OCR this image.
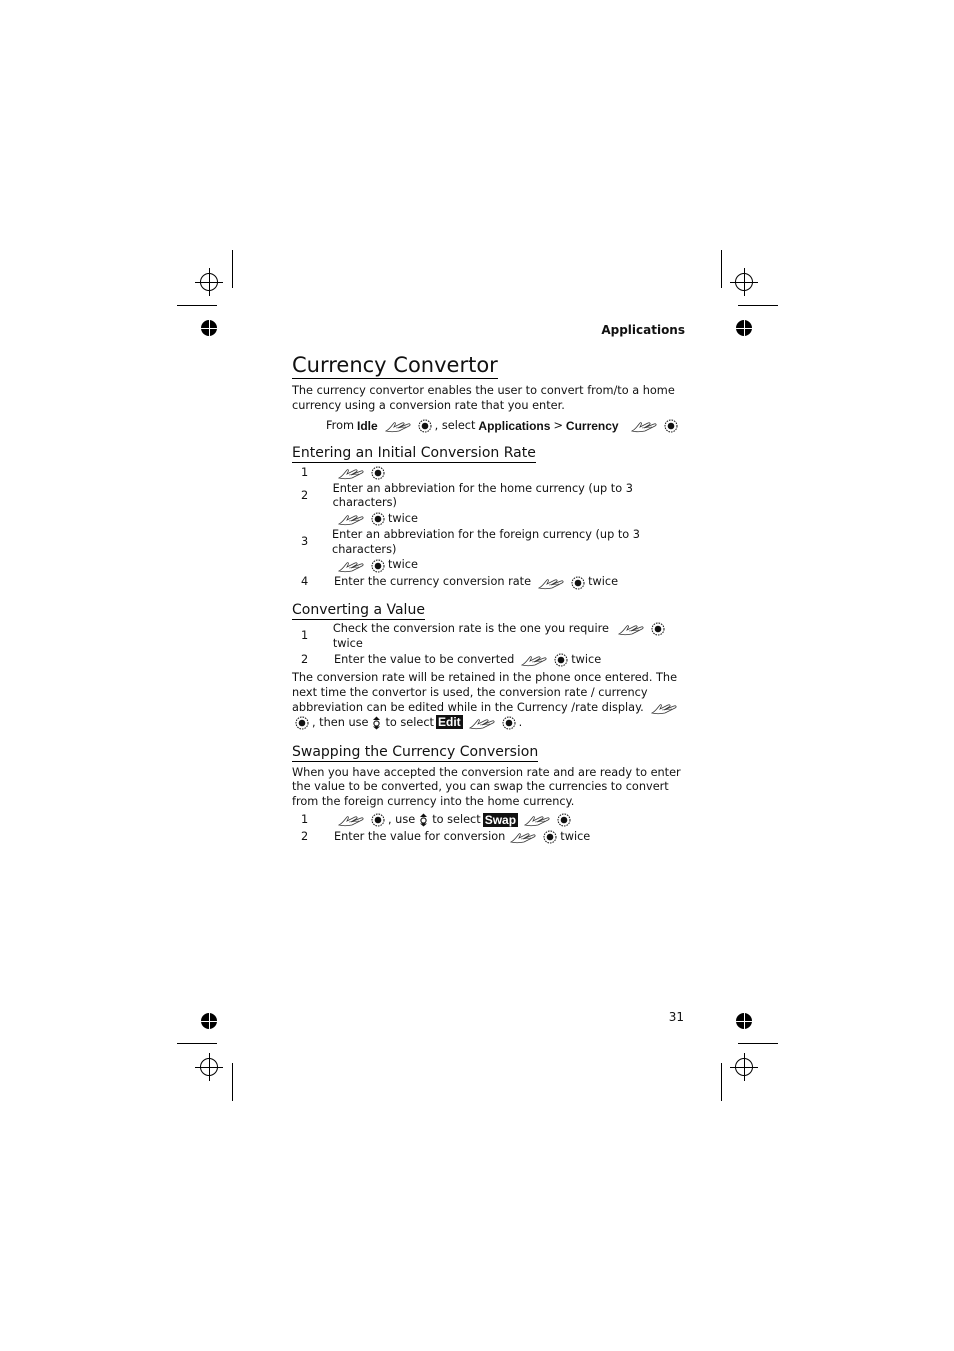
Applications
31
Currency Convertor

The currency convertor enables the user to convert from/to a home currency using a conversion rate that you enter.

From Idle	, select Applications > Currency
Entering an Initial Conversion Rate
1
2
Enter an abbreviation for the home currency (up to 3 characters)
twice
3
Enter an abbreviation for the foreign currency (up to 3 characters)
twice
4	Enter the currency conversion rate	twice
Converting a Value
1
Check the conversion rate is the one you require
twice
2	Enter the value to be converted	twice

The conversion rate will be retained in the phone once entered. The next time the convertor is used, the conversion rate / currency abbreviation can be edited while in the Currency /rate display. , then use to select Edit	.

Swapping the Currency Conversion

When you have accepted the conversion rate and are ready to enter the value to be converted, you can swap the currencies to convert from the foreign currency into the home currency.

1	, use to select Swap
2	Enter the value for conversion	twice
